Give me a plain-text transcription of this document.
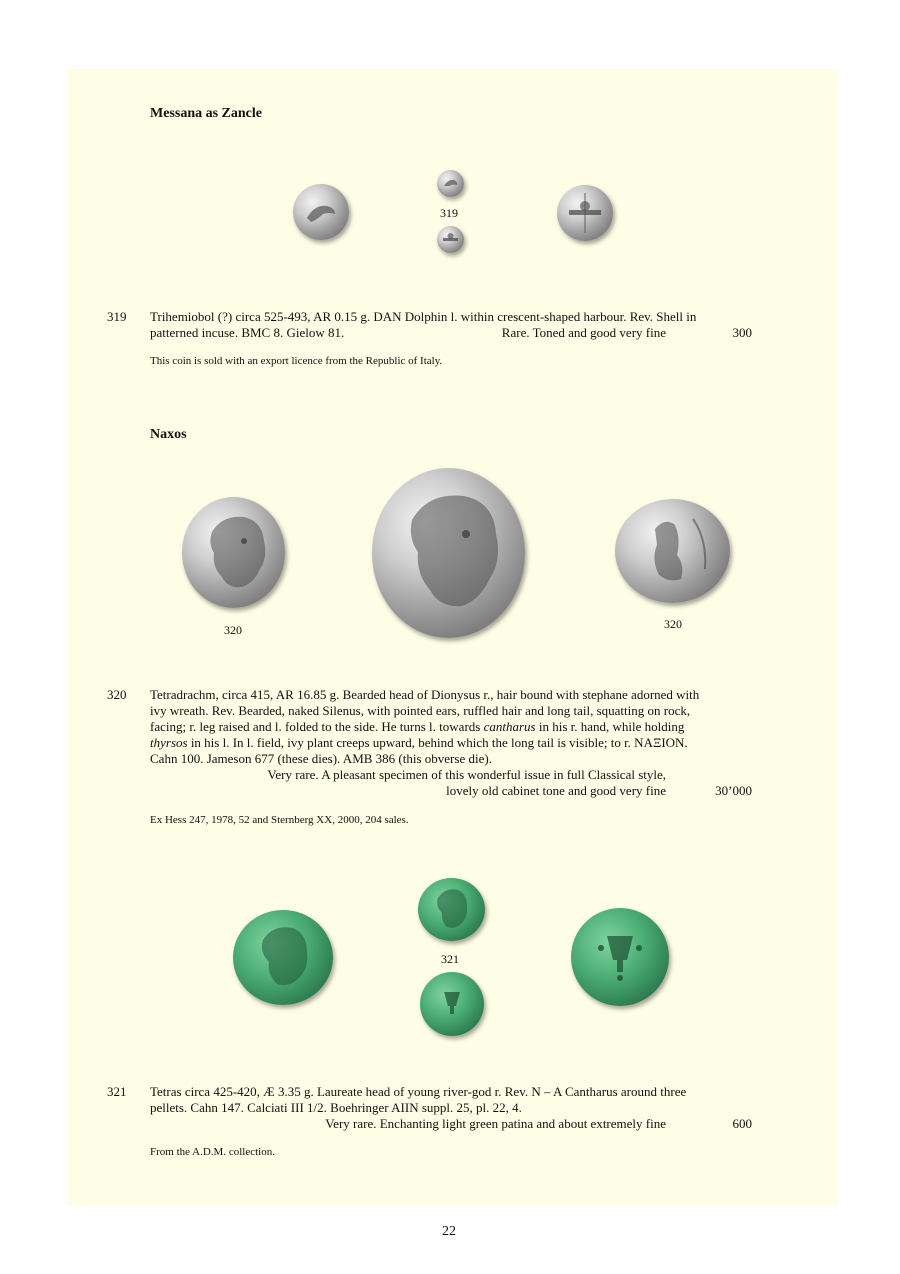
Messana as Zancle
319
319 Trihemiobol (?) circa 525-493, AR 0.15 g. DAN Dolphin l. within crescent-shaped harbour. Rev. Shell in
patterned incuse. BMC 8. Gielow 81.	Rare. Toned and good very fine	300
This coin is sold with an export licence from the Republic of Italy.
Naxos
320	320
320 Tetradrachm, circa 415, AR 16.85 g. Bearded head of Dionysus r., hair bound with stephane adorned with
ivy wreath. Rev. Bearded, naked Silenus, with pointed ears, ruffled hair and long tail, squatting on rock,
facing; r. leg raised and l. folded to the side. He turns l. towards cantharus in his r. hand, while holding
thyrsos in his l. In l. field, ivy plant creeps upward, behind which the long tail is visible; to r. ΝΑΞΙΟΝ.
Cahn 100. Jameson 677 (these dies). AMB 386 (this obverse die).
Very rare. A pleasant specimen of this wonderful issue in full Classical style,
lovely old cabinet tone and good very fine	30’000
Ex Hess 247, 1978, 52 and Sternberg XX, 2000, 204 sales.
321
321 Tetras circa 425-420, Æ 3.35 g. Laureate head of young river-god r. Rev. N – A Cantharus around three
pellets. Cahn 147. Calciati III 1/2. Boehringer AIIN suppl. 25, pl. 22, 4.
Very rare. Enchanting light green patina and about extremely fine	600
From the A.D.M. collection.
22
